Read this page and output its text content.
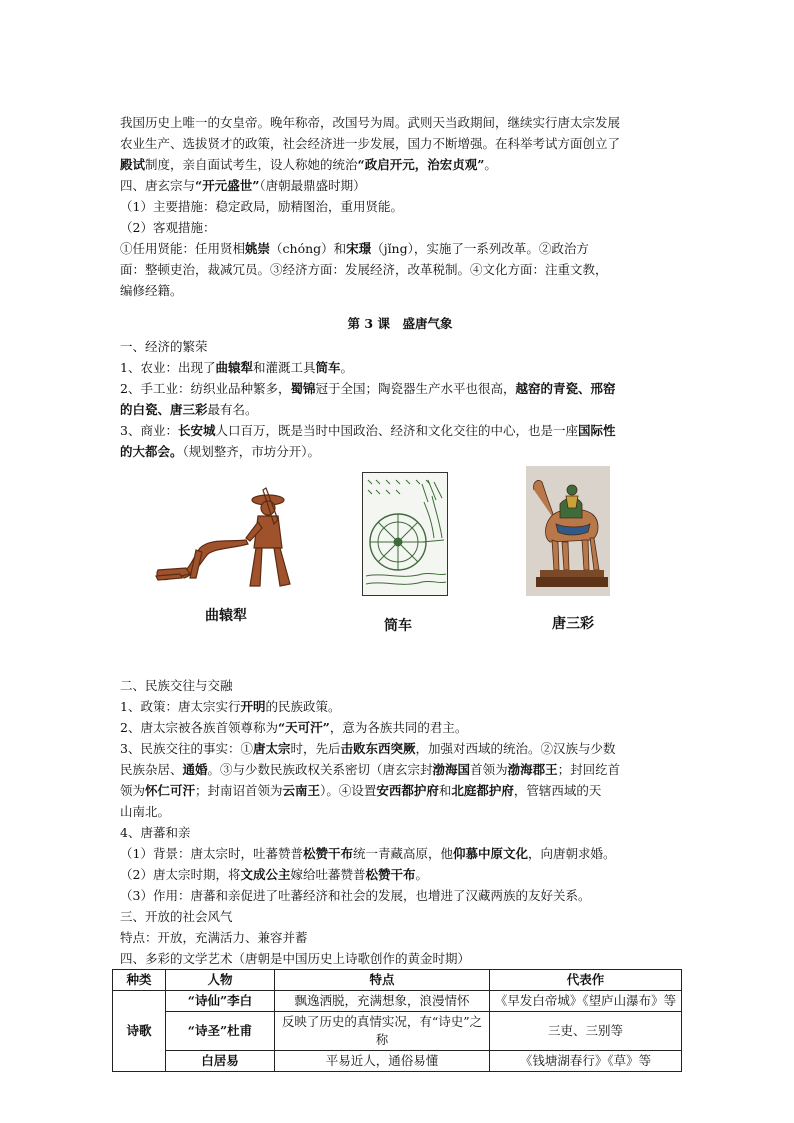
我国历史上唯一的女皇帝。晚年称帝，改国号为周。武则天当政期间，继续实行唐太宗发展
农业生产、选拔贤才的政策，社会经济进一步发展，国力不断增强。在科举考试方面创立了
殿试制度，亲自面试考生，设人称她的统治“政启开元，治宏贞观”。
四、唐玄宗与“开元盛世”（唐朝最鼎盛时期）
（1）主要措施：稳定政局，励精图治，重用贤能。
（2）客观措施：
①任用贤能：任用贤相姚崇（chóng）和宋璟（jǐng），实施了一系列改革。②政治方
面：整顿吏治，裁减冗员。③经济方面：发展经济，改革税制。④文化方面：注重文教，
编修经籍。
第 3 课　盛唐气象
一、经济的繁荣
1、农业：出现了曲辕犁和灌溉工具筒车。
2、手工业：纺织业品种繁多，蜀锦冠于全国；陶瓷器生产水平也很高，越窑的青瓷、邢窑
的白瓷、唐三彩最有名。
3、商业：长安城人口百万，既是当时中国政治、经济和文化交往的中心，也是一座国际性
的大都会。（规划整齐，市坊分开）。
曲辕犁
筒车	唐三彩
二、民族交往与交融
1、政策：唐太宗实行开明的民族政策。
2、唐太宗被各族首领尊称为“天可汗”，意为各族共同的君主。
3、民族交往的事实：①唐太宗时，先后击败东西突厥，加强对西域的统治。②汉族与少数
民族杂居、通婚。③与少数民族政权关系密切（唐玄宗封渤海国首领为渤海郡王；封回纥首
领为怀仁可汗；封南诏首领为云南王）。④设置安西都护府和北庭都护府，管辖西域的天
山南北。
4、唐蕃和亲
（1）背景：唐太宗时，吐蕃赞普松赞干布统一青藏高原，他仰慕中原文化，向唐朝求婚。
（2）唐太宗时期，将文成公主嫁给吐蕃赞普松赞干布。
（3）作用：唐蕃和亲促进了吐蕃经济和社会的发展，也增进了汉藏两族的友好关系。
三、开放的社会风气
特点：开放，充满活力、兼容并蓄
四、多彩的文学艺术（唐朝是中国历史上诗歌创作的黄金时期）
种类	人物	特点	代表作
诗歌	“诗仙”李白	飘逸洒脱，充满想象，浪漫情怀	《早发白帝城》《望庐山瀑布》等
	“诗圣”杜甫	反映了历史的真情实况，有“诗史”之称	三吏、三别等
	白居易	平易近人，通俗易懂	《钱塘湖春行》《草》等
